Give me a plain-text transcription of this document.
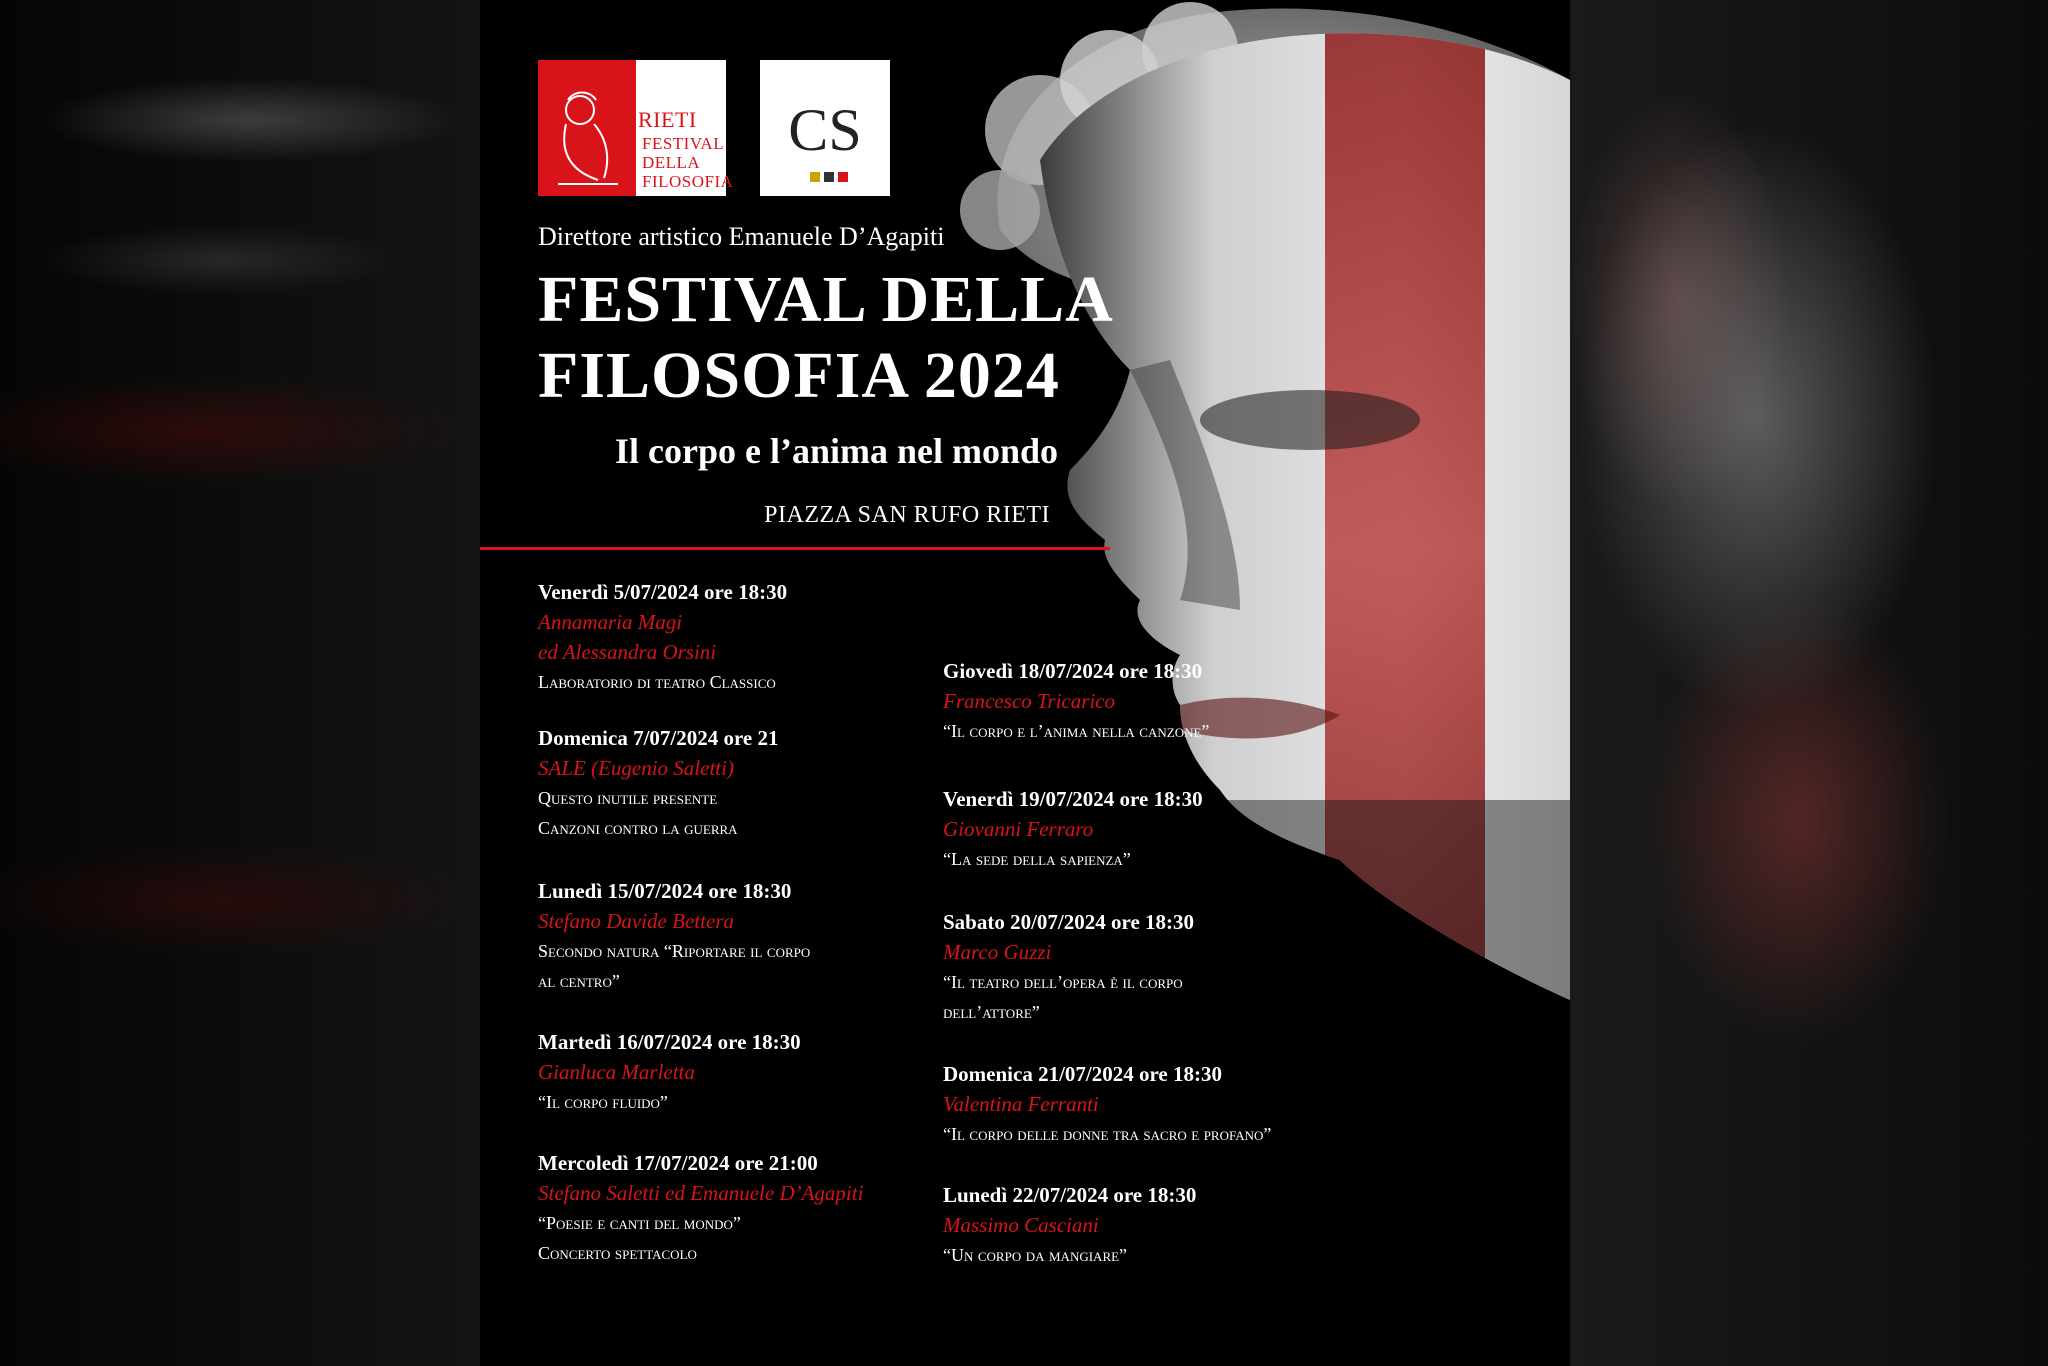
RIETI
FESTIVAL
DELLA
FILOSOFIA
CS
Direttore artistico Emanuele D’Agapiti
FESTIVAL DELLA
FILOSOFIA 2024
Il corpo e l’anima nel mondo
PIAZZA SAN RUFO RIETI
Venerdì 5/07/2024 ore 18:30
Annamaria Magi
ed Alessandra Orsini
Laboratorio di teatro Classico
Domenica 7/07/2024 ore 21
SALE (Eugenio Saletti)
Questo inutile presente
Canzoni contro la guerra
Lunedì 15/07/2024 ore 18:30
Stefano Davide Bettera
Secondo natura “Riportare il corpo
al centro”
Martedì 16/07/2024 ore 18:30
Gianluca Marletta
“Il corpo fluido”
Mercoledì 17/07/2024 ore 21:00
Stefano Saletti ed Emanuele D’Agapiti
“Poesie e canti del mondo”
Concerto spettacolo
Giovedì 18/07/2024 ore 18:30
Francesco Tricarico
“Il corpo e l’anima nella canzone”
Venerdì 19/07/2024 ore 18:30
Giovanni Ferraro
“La sede della sapienza”
Sabato 20/07/2024 ore 18:30
Marco Guzzi
“Il teatro dell’opera è il corpo
dell’attore”
Domenica 21/07/2024 ore 18:30
Valentina Ferranti
“Il corpo delle donne tra sacro e profano”
Lunedì 22/07/2024 ore 18:30
Massimo Casciani
“Un corpo da mangiare”
